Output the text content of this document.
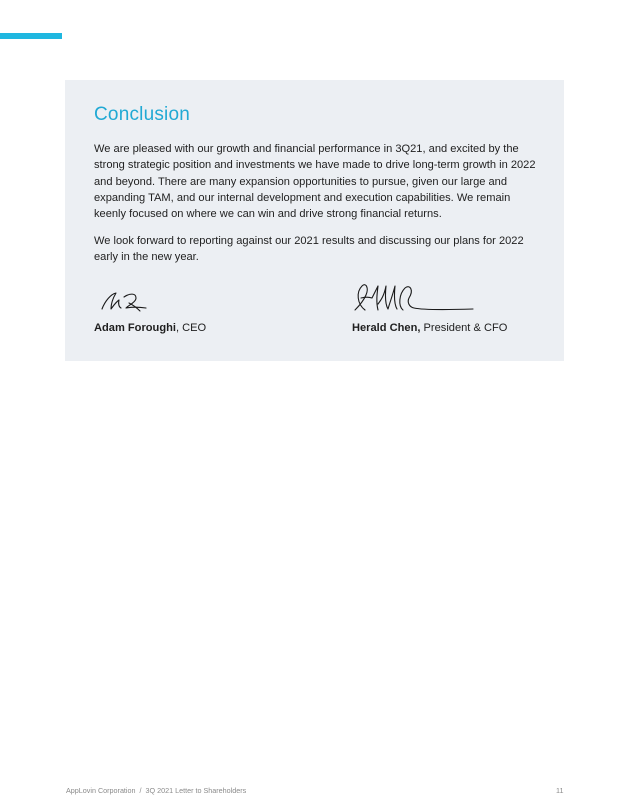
Conclusion

We are pleased with our growth and financial performance in 3Q21, and excited by the strong strategic position and investments we have made to drive long-term growth in 2022 and beyond. There are many expansion opportunities to pursue, given our large and expanding TAM, and our internal development and execution capabilities. We remain keenly focused on where we can win and drive strong financial returns.

We look forward to reporting against our 2021 results and discussing our plans for 2022 early in the new year.

Adam Foroughi, CEO	Herald Chen, President & CFO
AppLovin Corporation / 3Q 2021 Letter to Shareholders	11
